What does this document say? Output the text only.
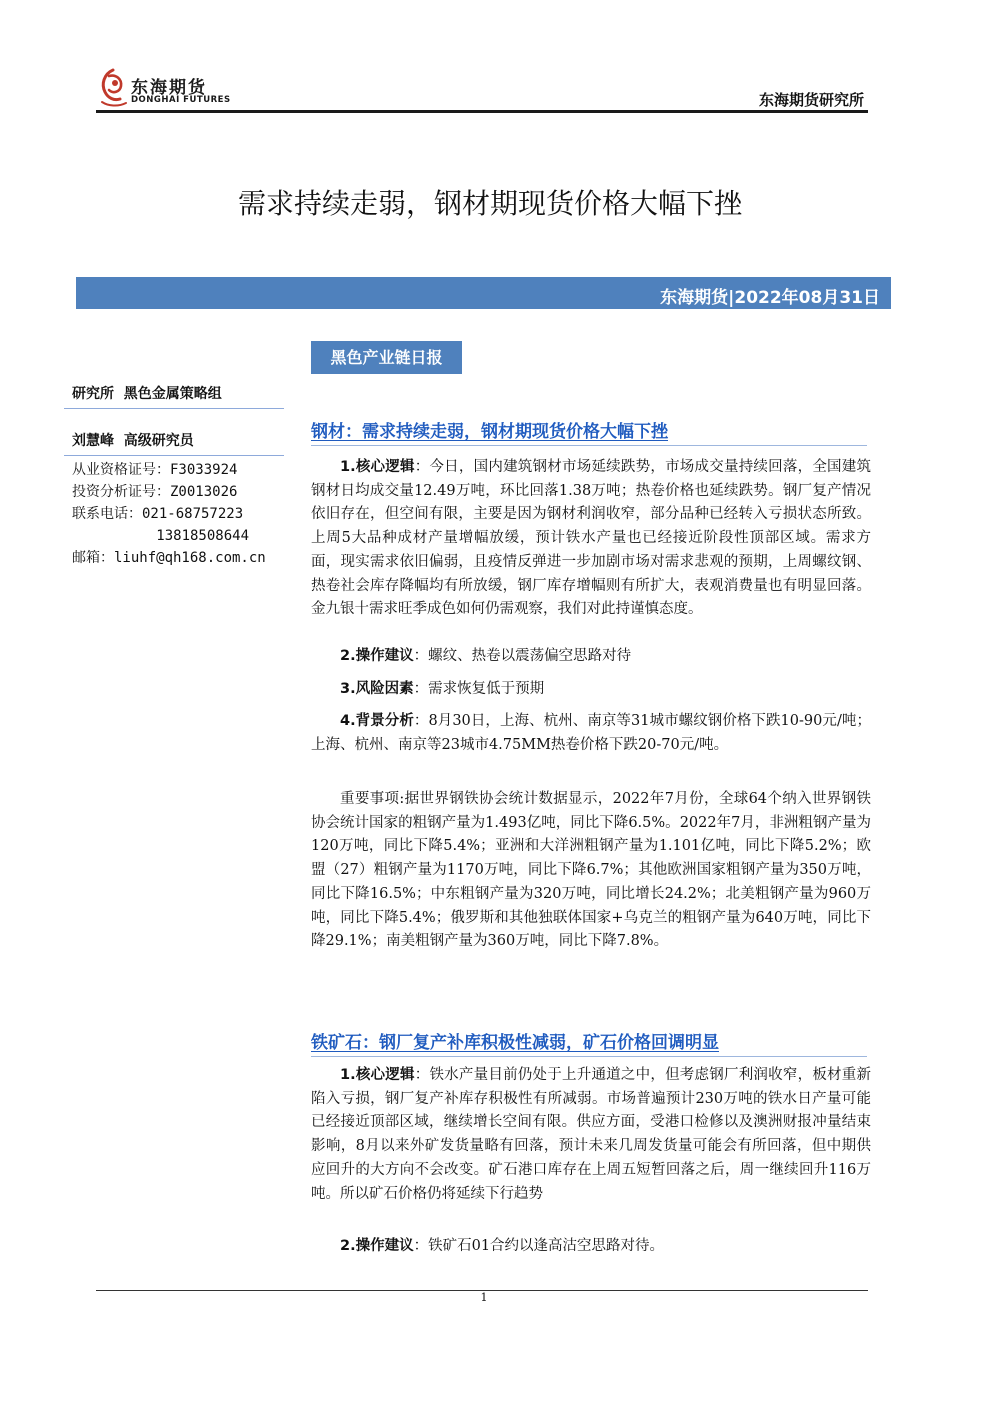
东海期货
DONGHAI FUTURES	东海期货研究所
需求持续走弱，钢材期现货价格大幅下挫
东海期货|2022年08月31日
黑色产业链日报
研究所  黑色金属策略组
刘慧峰  高级研究员
从业资格证号：F3033924
投资分析证号：Z0013026
联系电话：021-68757223
13818508644
邮箱：liuhf@qh168.com.cn
钢材：需求持续走弱，钢材期现货价格大幅下挫
1.核心逻辑：今日，国内建筑钢材市场延续跌势，市场成交量持续回落，全国建筑钢材日均成交量12.49万吨，环比回落1.38万吨；热卷价格也延续跌势。钢厂复产情况依旧存在，但空间有限，主要是因为钢材利润收窄，部分品种已经转入亏损状态所致。上周5大品种成材产量增幅放缓，预计铁水产量也已经接近阶段性顶部区域。需求方面，现实需求依旧偏弱，且疫情反弹进一步加剧市场对需求悲观的预期，上周螺纹钢、热卷社会库存降幅均有所放缓，钢厂库存增幅则有所扩大，表观消费量也有明显回落。金九银十需求旺季成色如何仍需观察，我们对此持谨慎态度。
2.操作建议：螺纹、热卷以震荡偏空思路对待
3.风险因素：需求恢复低于预期
4.背景分析：8月30日，上海、杭州、南京等31城市螺纹钢价格下跌10-90元/吨；上海、杭州、南京等23城市4.75MM热卷价格下跌20-70元/吨。
重要事项:据世界钢铁协会统计数据显示，2022年7月份，全球64个纳入世界钢铁协会统计国家的粗钢产量为1.493亿吨，同比下降6.5%。2022年7月，非洲粗钢产量为120万吨，同比下降5.4%；亚洲和大洋洲粗钢产量为1.101亿吨，同比下降5.2%；欧盟（27）粗钢产量为1170万吨，同比下降6.7%；其他欧洲国家粗钢产量为350万吨，同比下降16.5%；中东粗钢产量为320万吨，同比增长24.2%；北美粗钢产量为960万吨，同比下降5.4%；俄罗斯和其他独联体国家+乌克兰的粗钢产量为640万吨，同比下降29.1%；南美粗钢产量为360万吨，同比下降7.8%。
铁矿石：钢厂复产补库积极性减弱，矿石价格回调明显
1.核心逻辑：铁水产量目前仍处于上升通道之中，但考虑钢厂利润收窄，板材重新陷入亏损，钢厂复产补库存积极性有所减弱。市场普遍预计230万吨的铁水日产量可能已经接近顶部区域，继续增长空间有限。供应方面，受港口检修以及澳洲财报冲量结束影响，8月以来外矿发货量略有回落，预计未来几周发货量可能会有所回落，但中期供应回升的大方向不会改变。矿石港口库存在上周五短暂回落之后，周一继续回升116万吨。所以矿石价格仍将延续下行趋势
2.操作建议：铁矿石01合约以逢高沽空思路对待。
1
